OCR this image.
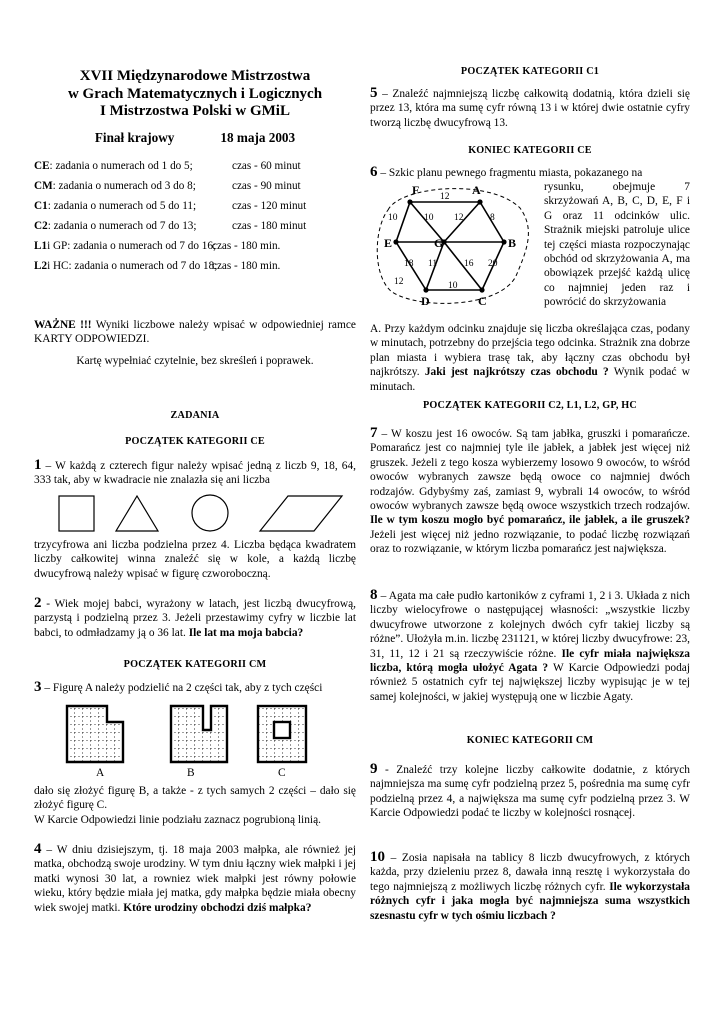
XVII Międzynarodowe Mistrzostwa

w Grach Matematycznych i Logicznych

I Mistrzostwa Polski w GMiL

Finał krajowy	18 maja 2003

CE: zadania o numerach od 1 do 5;	czas - 60 minut
CM: zadania o numerach od 3 do 8;	czas - 90 minut
C1: zadania o numerach od 5 do 11;	czas - 120 minut
C2: zadania o numerach od 7 do 13;	czas - 180 minut
L1i GP: zadania o numerach od 7 do 16;czas - 180 min.
L2i HC: zadania o numerach od 7 do 18;czas - 180 min.

WAŻNE !!! Wyniki liczbowe należy wpisać w odpowiedniej ramce KARTY ODPOWIEDZI.

Kartę wypełniać czytelnie, bez skreśleń i poprawek.

ZADANIA

POCZĄTEK KATEGORII CE

1 – W każdą z czterech figur należy wpisać jedną z liczb 9, 18, 64, 333 tak, aby w kwadracie nie znalazła się ani liczba

trzycyfrowa ani liczba podzielna przez 4. Liczba będąca kwadratem liczby całkowitej winna znaleźć się w kole, a każdą liczbę dwucyfrową należy wpisać w figurę czworoboczną.

2 - Wiek mojej babci, wyrażony w latach, jest liczbą dwucyfrową, parzystą i podzielną przez 3. Jeżeli przestawimy cyfry w liczbie lat babci, to odmładzamy ją o 36 lat. Ile lat ma moja babcia?

POCZĄTEK KATEGORII CM

3 – Figurę A należy podzielić na 2 części tak, aby z tych części

A	B	C

dało się złożyć figurę B, a także - z tych samych 2 części – dało się złożyć figurę C.

W Karcie Odpowiedzi linie podziału zaznacz pogrubioną linią.

4 – W dniu dzisiejszym, tj. 18 maja 2003 małpka, ale również jej matka, obchodzą swoje urodziny. W tym dniu łączny wiek małpki i jej matki wynosi 30 lat, a rowniez wiek małpki jest równy połowie wieku, który będzie miała jej matka, gdy małpka będzie miała obecny wiek swojej matki. Które urodziny obchodzi dziś małpka?

POCZĄTEK KATEGORII C1

5 – Znaleźć najmniejszą liczbę całkowitą dodatnią, która dzieli się przez 13, która ma sumę cyfr równą 13 i w której dwie ostatnie cyfry tworzą liczbę dwucyfrową 13.

KONIEC KATEGORII CE

6 – Szkic planu pewnego fragmentu miasta, pokazanego na

F	A
E	G	B
D	C
12
10	10 12	8
18 11	16 20
12	10

rysunku, obejmuje 7 skrzyżowań A, B, C, D, E, F i G oraz 11 odcinków ulic. Strażnik miejski patroluje ulice tej części miasta rozpoczynając obchód od skrzyżowania A, ma obowiązek przejść każdą ulicę co najmniej jeden raz i powrócić do skrzyżowania

A. Przy każdym odcinku znajduje się liczba określająca czas, podany w minutach, potrzebny do przejścia tego odcinka. Strażnik zna dobrze plan miasta i wybiera trasę tak, aby łączny czas obchodu był najkrótszy. Jaki jest najkrótszy czas obchodu ? Wynik podać w minutach.

POCZĄTEK KATEGORII C2, L1, L2, GP, HC

7 – W koszu jest 16 owoców. Są tam jabłka, gruszki i pomarańcze. Pomarańcz jest co najmniej tyle ile jabłek, a jabłek jest więcej niż gruszek. Jeżeli z tego kosza wybierzemy losowo 9 owoców, to wśród owoców wybranych zawsze będą owoce co najmniej dwóch rodzajów. Gdybyśmy zaś, zamiast 9, wybrali 14 owoców, to wśród owoców wybranych zawsze będą owoce wszystkich trzech rodzajów. Ile w tym koszu mogło być pomarańcz, ile jabłek, a ile gruszek? Jeżeli jest więcej niż jedno rozwiązanie, to podać liczbę rozwiązań oraz to rozwiązanie, w którym liczba pomarańcz jest największa.

8 – Agata ma całe pudło kartoników z cyframi 1, 2 i 3. Układa z nich liczby wielocyfrowe o następującej własności: „wszystkie liczby dwucyfrowe utworzone z kolejnych dwóch cyfr takiej liczby są różne”. Ułożyła m.in. liczbę 231121, w której liczby dwucyfrowe: 23, 31, 11, 12 i 21 są rzeczywiście różne. Ile cyfr miała największa liczba, którą mogła ułożyć Agata ? W Karcie Odpowiedzi podaj również 5 ostatnich cyfr tej największej liczby wypisując je w tej samej kolejności, w jakiej występują one w liczbie Agaty.

KONIEC KATEGORII CM

9 - Znaleźć trzy kolejne liczby całkowite dodatnie, z których najmniejsza ma sumę cyfr podzielną przez 5, pośrednia ma sumę cyfr podzielną przez 4, a największa ma sumę cyfr podzielną przez 3. W Karcie Odpowiedzi podać te liczby w kolejności rosnącej.

10 – Zosia napisała na tablicy 8 liczb dwucyfrowych, z których każda, przy dzieleniu przez 8, dawała inną resztę i wykorzystała do tego najmniejszą z możliwych liczbę różnych cyfr. Ile wykorzystała różnych cyfr i jaka mogła być najmniejsza suma wszystkich szesnastu cyfr w tych ośmiu liczbach ?
